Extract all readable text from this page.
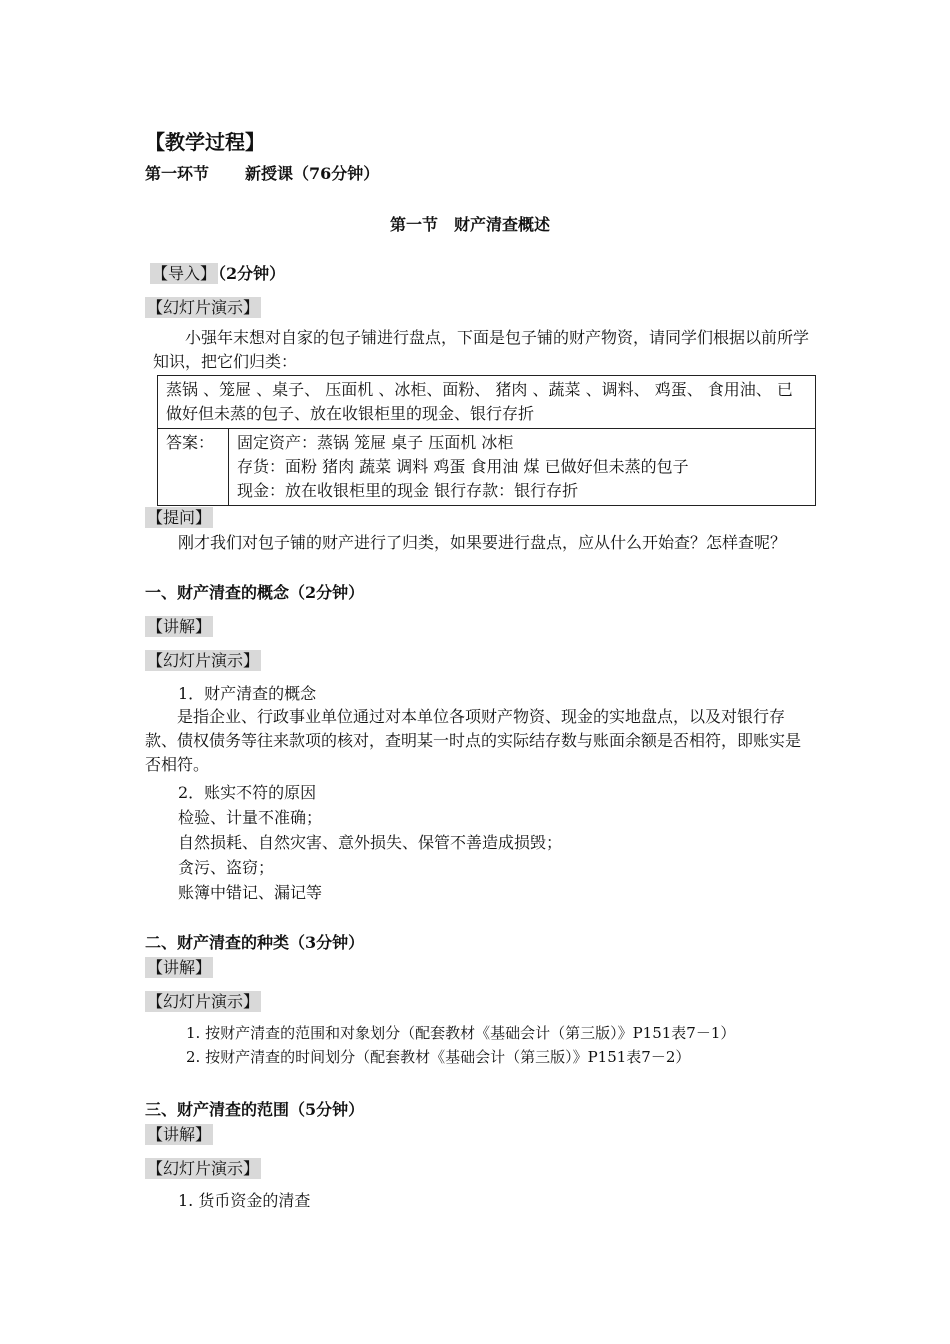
【教学过程】
第一环节 新授课（76分钟）
第一节　财产清查概述
【导入】 （2分钟）
【幻灯片演示】
小强年末想对自家的包子铺进行盘点，下面是包子铺的财产物资，请同学们根据以前所学知识，把它们归类：
蒸锅 、笼屉 、桌子、 压面机 、冰柜、面粉、 猪肉 、蔬菜 、调料、 鸡蛋、 食用油、 已做好但未蒸的包子、放在收银柜里的现金、银行存折
答案：	固定资产：蒸锅 笼屉 桌子 压面机 冰柜
存货：面粉 猪肉 蔬菜 调料 鸡蛋 食用油 煤 已做好但未蒸的包子
现金：放在收银柜里的现金 银行存款：银行存折
【提问】
刚才我们对包子铺的财产进行了归类，如果要进行盘点，应从什么开始查？怎样查呢？
一、财产清查的概念（2分钟）
【讲解】
【幻灯片演示】
1．财产清查的概念
是指企业、行政事业单位通过对本单位各项财产物资、现金的实地盘点，以及对银行存款、债权债务等往来款项的核对，查明某一时点的实际结存数与账面余额是否相符，即账实是否相符。
2．账实不符的原因
检验、计量不准确；
自然损耗、自然灾害、意外损失、保管不善造成损毁；
贪污、盗窃；
账簿中错记、漏记等
二、财产清查的种类（3分钟）
【讲解】
【幻灯片演示】
1. 按财产清查的范围和对象划分（配套教材《基础会计（第三版）》P151表7－1）
2. 按财产清查的时间划分（配套教材《基础会计（第三版）》P151表7－2）
三、财产清查的范围（5分钟）
【讲解】
【幻灯片演示】
1. 货币资金的清查
